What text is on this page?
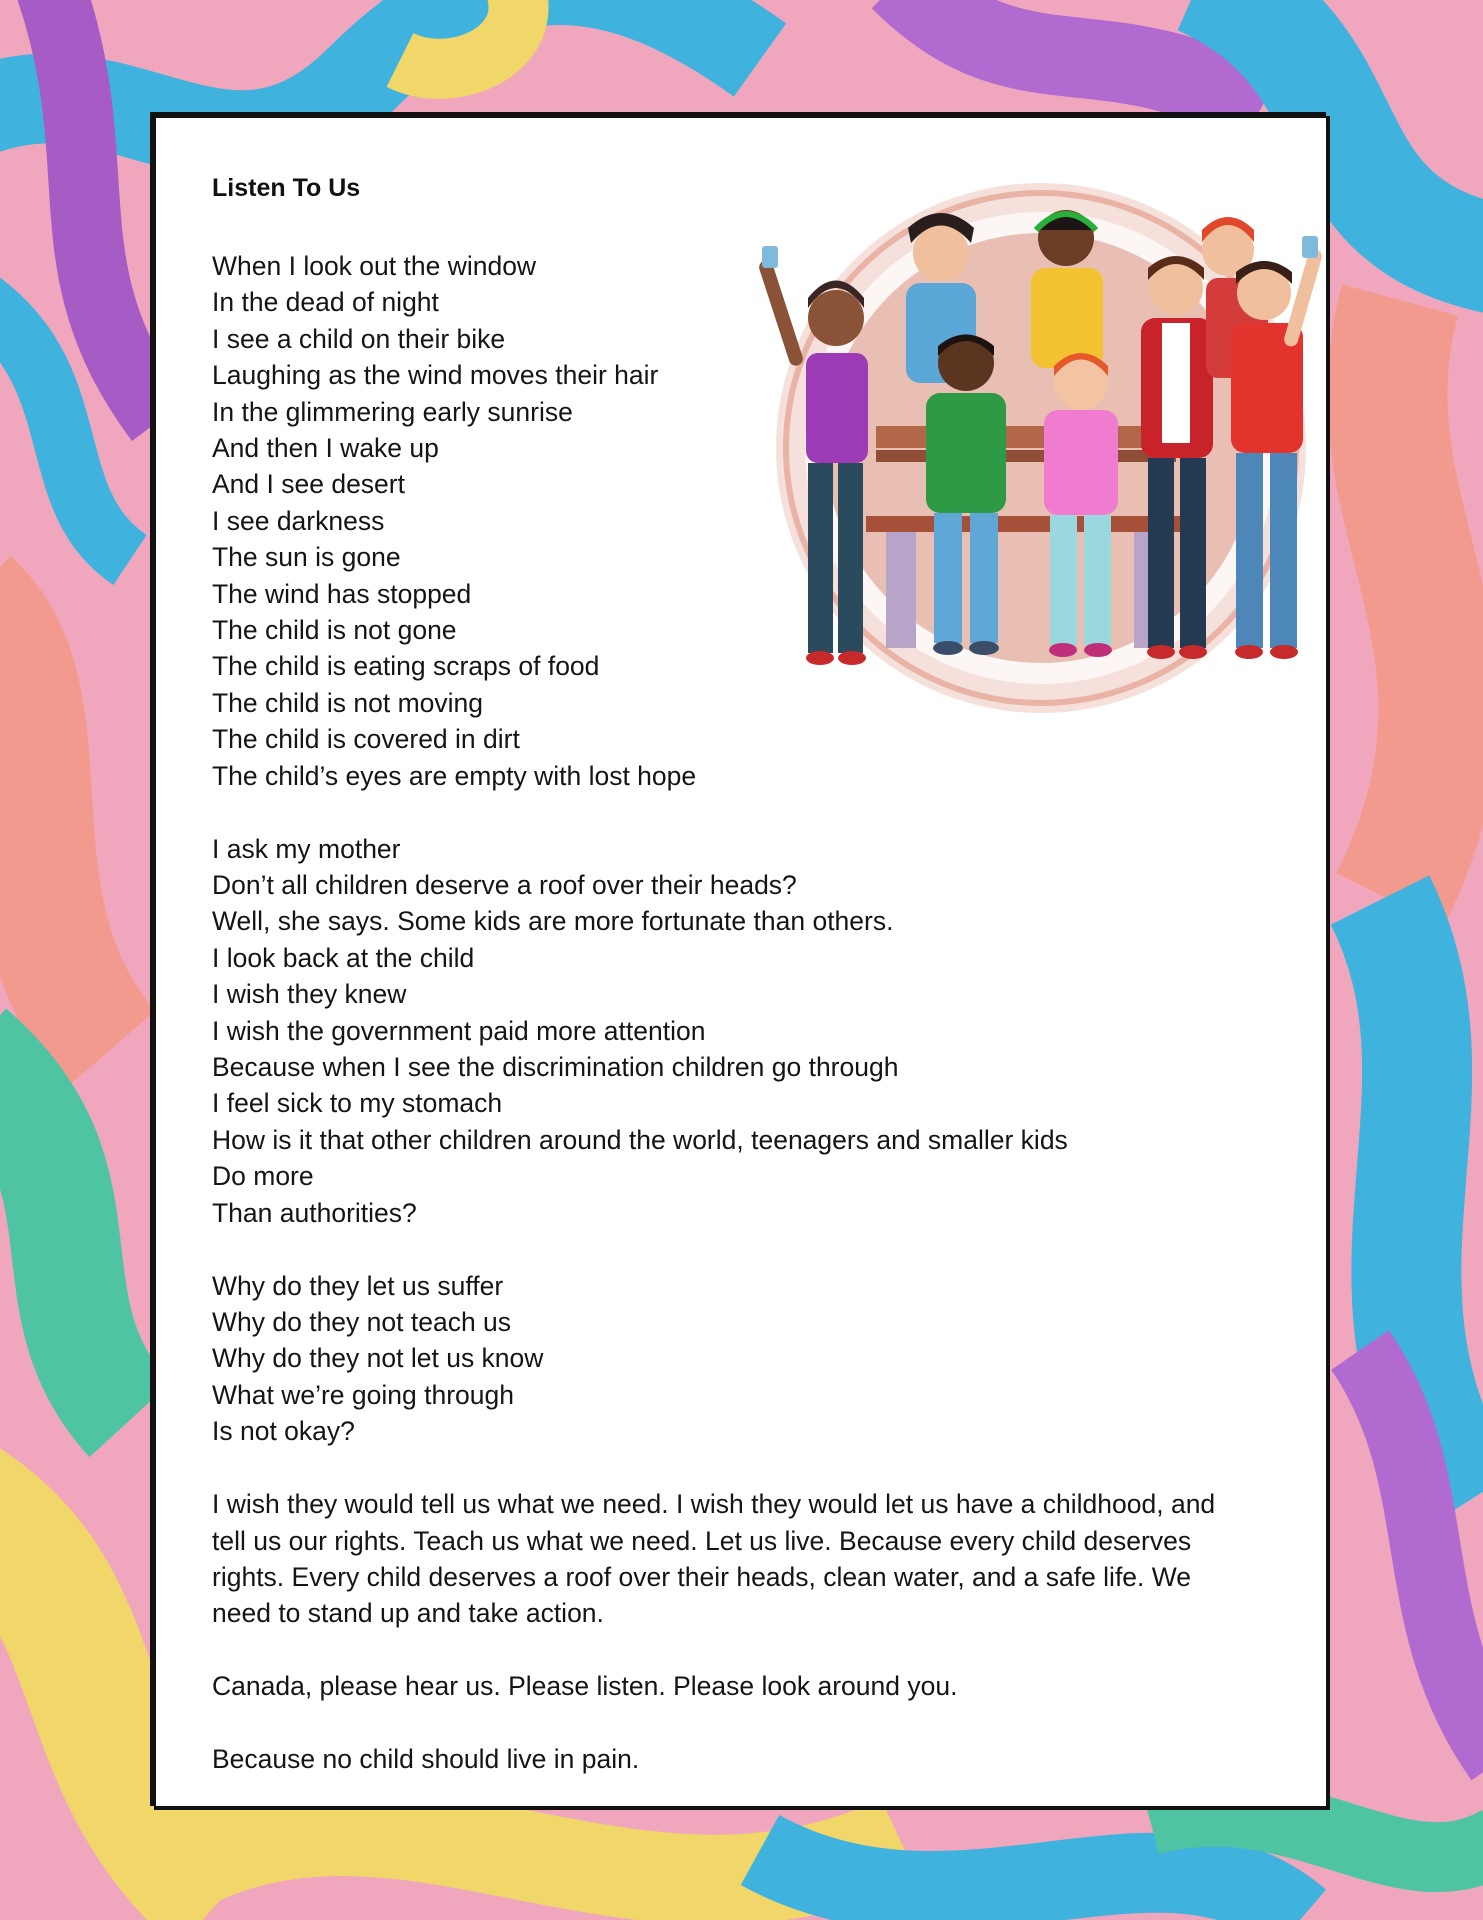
Listen To Us
When I look out the window
In the dead of night
I see a child on their bike
Laughing as the wind moves their hair
In the glimmering early sunrise
And then I wake up
And I see desert
I see darkness
The sun is gone
The wind has stopped
The child is not gone
The child is eating scraps of food
The child is not moving
The child is covered in dirt
The child’s eyes are empty with lost hope
I ask my mother
Don’t all children deserve a roof over their heads?
Well, she says. Some kids are more fortunate than others.
I look back at the child
I wish they knew
I wish the government paid more attention
Because when I see the discrimination children go through
I feel sick to my stomach
How is it that other children around the world, teenagers and smaller kids
Do more
Than authorities?
Why do they let us suffer
Why do they not teach us
Why do they not let us know
What we’re going through
Is not okay?
I wish they would tell us what we need. I wish they would let us have a childhood, and tell us our rights. Teach us what we need. Let us live. Because every child deserves rights. Every child deserves a roof over their heads, clean water, and a safe life. We need to stand up and take action.
Canada, please hear us. Please listen. Please look around you.
Because no child should live in pain.
